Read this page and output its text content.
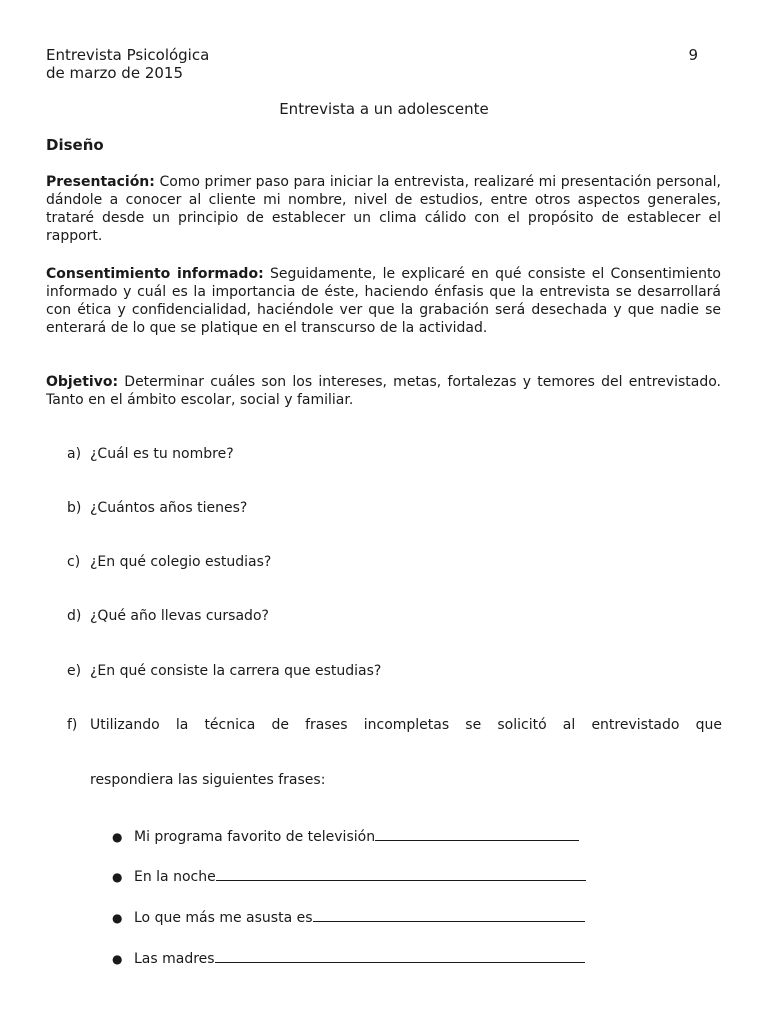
Entrevista Psicológica
de marzo de 2015
9
Entrevista a un adolescente
Diseño

Presentación: Como primer paso para iniciar la entrevista, realizaré mi presentación personal, dándole a conocer al cliente mi nombre, nivel de estudios, entre otros aspectos generales, trataré desde un principio de establecer un clima cálido con el propósito de establecer el rapport.

Consentimiento informado: Seguidamente, le explicaré en qué consiste el Consentimiento informado y cuál es la importancia de éste, haciendo énfasis que la entrevista se desarrollará con ética y confidencialidad, haciéndole ver que la grabación será desechada y que nadie se enterará de lo que se platique en el transcurso de la actividad.

Objetivo: Determinar cuáles son los intereses, metas, fortalezas y temores del entrevistado. Tanto en el ámbito escolar, social y familiar.

a) ¿Cuál es tu nombre?
b) ¿Cuántos años tienes?
c) ¿En qué colegio estudias?
d) ¿Qué año llevas cursado?
e) ¿En qué consiste la carrera que estudias?
f) Utilizando la técnica de frases incompletas se solicitó al entrevistado que
respondiera las siguientes frases:
● Mi programa favorito de televisión
● En la noche
● Lo que más me asusta es
● Las madres
